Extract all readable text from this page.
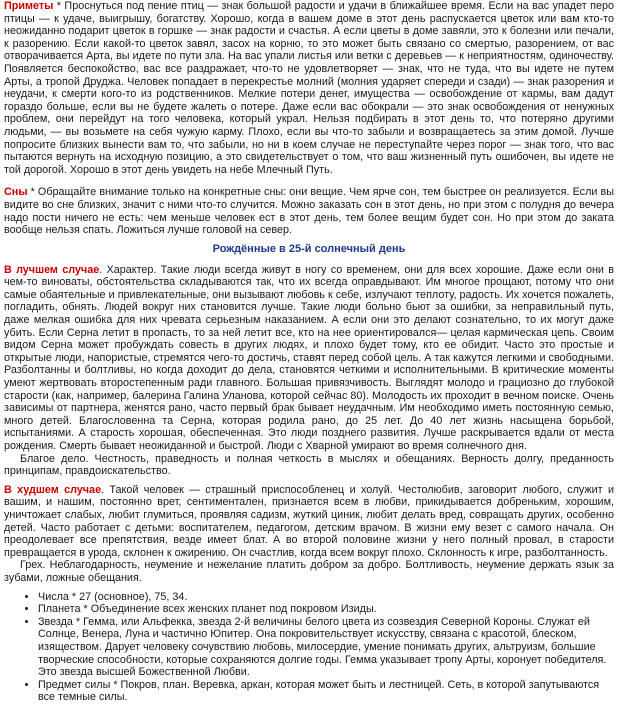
Приметы * Проснуться под пение птиц — знак большой радости и удачи в ближайшее время. Если на вас упадет перо птицы — к удаче, выигрышу, богатству. Хорошо, когда в вашем доме в этот день распускается цветок или вам кто-то неожиданно подарит цветок в горшке — знак радости и счастья. А если цветы в доме завяли, это к болезни или печали, к разорению. Если какой-то цветок завял, засох на корню, то это может быть связано со смертью, разорением, от вас отворачивается Арта, вы идете по пути зла. На вас упали листья или ветки с деревьев — к неприятностям, одиночеству. Появляется беспокойство, вас все раздражает, что-то не удовлетворяет — знак, что не туда, что вы идете не путем Арты, а тропой Друджа. Человек попадает в перекрестье молний (молния ударяет спереди и сзади) — знак разорения и неудачи, к смерти кого-то из родственников. Мелкие потери денег, имущества — освобождение от кармы, вам дадут гораздо больше, если вы не будете жалеть о потере. Даже если вас обокрали — это знак освобождения от ненужных проблем, они перейдут на того человека, который украл. Нельзя подбирать в этот день то, что потеряно другими людьми, — вы возьмете на себя чужую карму. Плохо, если вы что-то забыли и возвращаетесь за этим домой. Лучше попросите близких вынести вам то, что забыли, но ни в коем случае не переступайте через порог — знак того, что вас пытаются вернуть на исходную позицию, а это свидетельствует о том, что ваш жизненный путь ошибочен, вы идете не той дорогой. Хорошо в этот день увидеть на небе Млечный Путь.

Сны * Обращайте внимание только на конкретные сны: они вещие. Чем ярче сон, тем быстрее он реализуется. Если вы видите во сне близких, значит с ними что-то случится. Можно заказать сон в этот день, но при этом с полудня до вечера надо пости ничего не есть: чем меньше человек ест в этот день, тем более вещим будет сон. Но при этом до заката вообще нельзя спать. Ложиться лучше головой на север.

Рождённые в 25-й солнечный день

В лучшем случае. Характер. Такие люди всегда живут в ногу со временем, они для всех хорошие. Даже если они в чем-то виноваты, обстоятельства складываются так, что их всегда оправдывают. Им многое прощают, потому что они самые обаятельные и привлекательные, они вызывают любовь к себе, излучают теплоту, радость. Их хочется пожалеть, погладить, обнять. Людей вокруг них становится лучше. Такие люди больно бьют за ошибки, за неправильный путь, даже мелкая ошибка для них чревата серьезным наказанием. А если они это делают сознательно, то их могут даже убить. Если Серна летит в пропасть, то за ней летит все, кто на нее ориентировался— целая кармическая цепь. Своим видом Серна может пробуждать совесть в других людях, и плохо будет тому, кто ее обидит. Часто это простые и открытые люди, напористые, стремятся чего-то достичь, ставят перед собой цель. А так кажутся легкими и свободными. Разболтанны и болтливы, но когда доходит до дела, становятся четкими и исполнительными. В критические моменты умеют жертвовать второстепенным ради главного. Большая привязчивость. Выглядят молодо и грациозно до глубокой старости (как, например, балерина Галина Уланова, которой сейчас 80). Молодость их проходит в вечном поиске. Очень зависимы от партнера, женятся рано, часто первый брак бывает неудачным. Им необходимо иметь постоянную семью, много детей. Благословенна та Серна, которая родила рано, до 25 лет. До 40 лет жизнь насыщена борьбой, испытаниями. А старость хорошая, обеспеченная. Это люди позднего развития. Лучше раскрывается вдали от места рождения. Смерть бывает неожиданной и быстрой. Люди с Хварной умирают во время солнечного дня.

Благое дело. Честность, праведность и полная четкость в мыслях и обещаниях. Верность долгу, преданность принципам, правдоискательство.

В худшем случае. Такой человек — страшный приспособленец и холуй. Честолюбив, заговорит любого, служит и вашим, и нашим, постоянно врет, сентиментален, признается всем в любви, прикидывается добреньким, хорошим, уничтожает слабых, любит глумиться, проявляя садизм, жуткий циник, любит делать вред, совращать других, особенно детей. Часто работает с детьми: воспитателем, педагогом, детским врачом. В жизни ему везет с самого начала. Он преодолевает все препятствия, везде имеет блат. А во второй половине жизни у него полный провал, в старости превращается в урода, склонен к ожирению. Он счастлив, когда всем вокруг плохо. Склонность к игре, разболтанность.

Грех. Неблагодарность, неумение и нежелание платить добром за добро. Болтливость, неумение держать язык за зубами, ложные обещания.

• Числа * 27 (основное), 75, 34.
• Планета * Объединение всех женских планет под покровом Изиды.
• Звезда * Гемма, или Альфекка, звезда 2-й величины белого цвета из созвездия Северной Короны. Служат ей Солнце, Венера, Луна и частично Юпитер. Она покровительствует искусству, связана с красотой, блеском, изяществом. Дарует человеку сочувствию любовь, милосердие, умение понимать других, альтруизм, большие творческие способности, которые сохраняются долгие годы. Гемма указывает тропу Арты, коронует победителя. Это звезда высшей Божественной Любви.
• Предмет силы * Покров, план. Веревка, аркан, которая может быть и лестницей. Сеть, в которой запутываются все темные силы.
